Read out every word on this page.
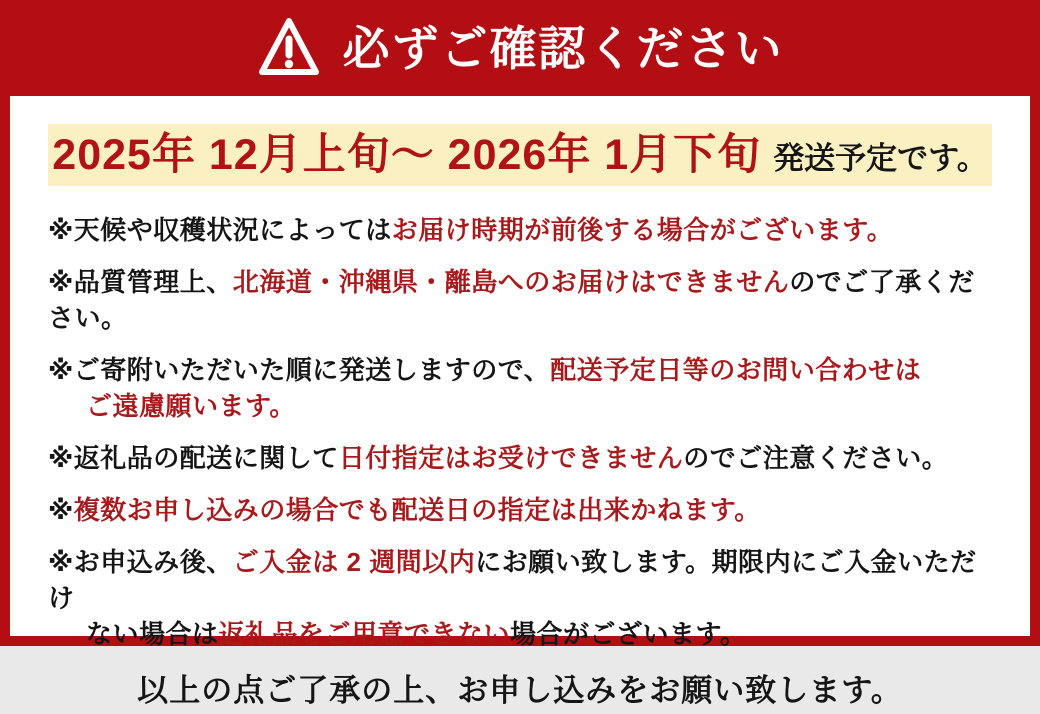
必ずご確認ください
2025年 12月上旬～ 2026年 1月下旬 発送予定です。
※天候や収穫状況によってはお届け時期が前後する場合がございます。
※品質管理上、北海道・沖縄県・離島へのお届けはできませんのでご了承ください。
※ご寄附いただいた順に発送しますので、配送予定日等のお問い合わせは
ご遠慮願います。
※返礼品の配送に関して日付指定はお受けできませんのでご注意ください。
※複数お申し込みの場合でも配送日の指定は出来かねます。
※お申込み後、ご入金は 2 週間以内にお願い致します。期限内にご入金いただけ
ない場合は返礼品をご用意できない場合がございます。
以上の点ご了承の上、お申し込みをお願い致します。
